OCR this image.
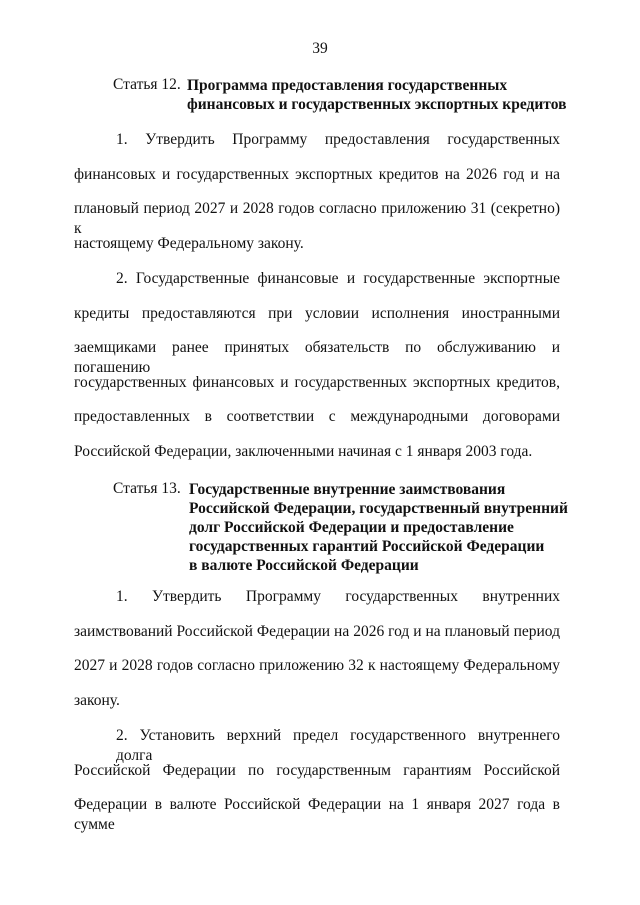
39
Статья 12. Программа предоставления государственных
финансовых и государственных экспортных кредитов
1. Утвердить Программу предоставления государственных
финансовых и государственных экспортных кредитов на 2026 год и на
плановый период 2027 и 2028 годов согласно приложению 31 (секретно) к
настоящему Федеральному закону.
2. Государственные финансовые и государственные экспортные
кредиты предоставляются при условии исполнения иностранными
заемщиками ранее принятых обязательств по обслуживанию и погашению
государственных финансовых и государственных экспортных кредитов,
предоставленных в соответствии с международными договорами
Российской Федерации, заключенными начиная с 1 января 2003 года.
Статья 13. Государственные внутренние заимствования
Российской Федерации, государственный внутренний
долг Российской Федерации и предоставление
государственных гарантий Российской Федерации
в валюте Российской Федерации
1. Утвердить Программу государственных внутренних
заимствований Российской Федерации на 2026 год и на плановый период
2027 и 2028 годов согласно приложению 32 к настоящему Федеральному
закону.
2. Установить верхний предел государственного внутреннего долга
Российской Федерации по государственным гарантиям Российской
Федерации в валюте Российской Федерации на 1 января 2027 года в сумме
